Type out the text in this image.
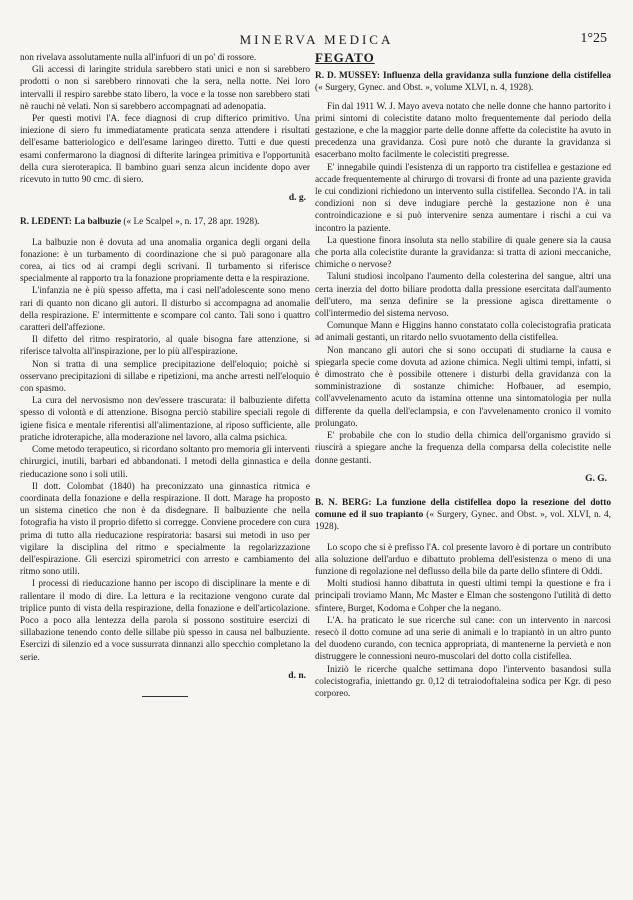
MINERVA MEDICA	1°25

non rivelava assolutamente nulla all'infuori di un po' di rossore.

Gli accessi di laringite stridula sarebbero stati unici e non si sarebbero prodotti o non si sarebbero rinnovati che la sera, nella notte. Nei loro intervalli il respiro sarebbe stato libero, la voce e la tosse non sarebbero stati nè rauchi nè velati. Non si sarebbero accompagnati ad adenopatia.

Per questi motivi l'A. fece diagnosi di crup difterico primitivo. Una iniezione di siero fu immediatamente praticata senza attendere i risultati dell'esame batteriologico e dell'esame laringeo diretto. Tutti e due questi esami confermarono la diagnosi di difterite laringea primitiva e l'opportunità della cura sieroterapica. Il bambino guarì senza alcun incidente dopo aver ricevuto in tutto 90 cmc. di siero.

d. g.

R. LEDENT: La balbuzie (« Le Scalpel », n. 17, 28 apr. 1928).

La balbuzie non è dovuta ad una anomalia organica degli organi della fonazione: è un turbamento di coordinazione che si può paragonare alla corea, ai tics od ai crampi degli scrivani. Il turbamento si riferisce specialmente al rapporto tra la fonazione propriamente detta e la respirazione.

L'infanzia ne è più spesso affetta, ma i casi nell'adolescente sono meno rari di quanto non dicano gli autori. Il disturbo si accompagna ad anomalie della respirazione. E' intermittente e scompare col canto. Tali sono i quattro caratteri dell'affezione.

Il difetto del ritmo respiratorio, al quale bisogna fare attenzione, si riferisce talvolta all'inspirazione, per lo più all'espirazione.

Non si tratta di una semplice precipitazione dell'eloquio; poichè si osservano precipitazioni di sillabe e ripetizioni, ma anche arresti nell'eloquio con spasmo.

La cura del nervosismo non dev'essere trascurata: il balbuziente difetta spesso di volontà e di attenzione. Bisogna perciò stabilire speciali regole di igiene fisica e mentale riferentisi all'alimentazione, al riposo sufficiente, alle pratiche idroterapiche, alla moderazione nel lavoro, alla calma psichica.

Come metodo terapeutico, si ricordano soltanto pro memoria gli interventi chirurgici, inutili, barbari ed abbandonati. I metodi della ginnastica e della rieducazione sono i soli utili.

Il dott. Colombat (1840) ha preconizzato una ginnastica ritmica e coordinata della fonazione e della respirazione. Il dott. Marage ha proposto un sistema cinetico che non è da disdegnare. Il balbuziente che nella fotografia ha visto il proprio difetto si corregge. Conviene procedere con cura prima di tutto alla rieducazione respiratoria: basarsi sui metodi in uso per vigilare la disciplina del ritmo e specialmente la regolarizzazione dell'espirazione. Gli esercizi spirometrici con arresto e cambiamento del ritmo sono utili.

I processi di rieducazione hanno per iscopo di disciplinare la mente e di rallentare il modo di dire. La lettura e la recitazione vengono curate dal triplice punto di vista della respirazione, della fonazione e dell'articolazione. Poco a poco alla lentezza della parola si possono sostituire esercizi di sillabazione tenendo conto delle sillabe più spesso in causa nel balbuziente. Esercizi di silenzio ed a voce sussurrata dinnanzi allo specchio completano la serie.

d. n.
FEGATO

R. D. MUSSEY: Influenza della gravidanza sulla funzione della cistifellea (« Surgery, Gynec. and Obst. », volume XLVI, n. 4, 1928).

Fin dal 1911 W. J. Mayo aveva notato che nelle donne che hanno partorito i primi sintomi di colecistite datano molto frequentemente dal periodo della gestazione, e che la maggior parte delle donne affette da colecistite ha avuto in precedenza una gravidanza. Così pure notò che durante la gravidanza si esacerbano molto facilmente le colecistiti pregresse.

E' innegabile quindi l'esistenza di un rapporto tra cistifellea e gestazione ed accade frequentemente al chirurgo di trovarsi di fronte ad una paziente gravida le cui condizioni richiedono un intervento sulla cistifellea. Secondo l'A. in tali condizioni non si deve indugiare perchè la gestazione non è una controindicazione e si può intervenire senza aumentare i rischi a cui va incontro la paziente.

La questione finora insoluta sta nello stabilire di quale genere sia la causa che porta alla colecistite durante la gravidanza: si tratta di azioni meccaniche, chimiche o nervose?

Taluni studiosi incolpano l'aumento della colesterina del sangue, altri una certa inerzia del dotto biliare prodotta dalla pressione esercitata dall'aumento dell'utero, ma senza definire se la pressione agisca direttamente o coll'intermedio del sistema nervoso.

Comunque Mann e Higgins hanno constatato colla colecistografia praticata ad animali gestanti, un ritardo nello svuotamento della cistifellea.

Non mancano gli autori che si sono occupati di studiarne la causa e spiegarla specie come dovuta ad azione chimica. Negli ultimi tempi, infatti, si è dimostrato che è possibile ottenere i disturbi della gravidanza con la somministrazione di sostanze chimiche: Hofbauer, ad esempio, coll'avvelenamento acuto da istamina ottenne una sintomatologia per nulla differente da quella dell'eclampsia, e con l'avvelenamento cronico il vomito prolungato.

E' probabile che con lo studio della chimica dell'organismo gravido si riuscirà a spiegare anche la frequenza della comparsa della colecistite nelle donne gestanti.

G. G.

B. N. BERG: La funzione della cistifellea dopo la resezione del dotto comune ed il suo trapianto (« Surgery, Gynec. and Obst. », vol. XLVI, n. 4, 1928).

Lo scopo che si è prefisso l'A. col presente lavoro è di portare un contributo alla soluzione dell'arduo e dibattuto problema dell'esistenza o meno di una funzione di regolazione nel deflusso della bile da parte dello sfintere di Oddi.

Molti studiosi hanno dibattuta in questi ultimi tempi la questione e fra i principali troviamo Mann, Mc Master e Elman che sostengono l'utilità di detto sfintere, Burget, Kodoma e Cohper che la negano.

L'A. ha praticato le sue ricerche sul cane: con un intervento in narcosi resecò il dotto comune ad una serie di animali e lo trapiantò in un altro punto del duodeno curando, con tecnica appropriata, di mantenerne la pervietà e non distruggere le connessioni neuro-muscolari del dotto colla cistifellea.

Iniziò le ricerche qualche settimana dopo l'intervento basandosi sulla colecistografia, iniettando gr. 0,12 di tetraiodoftaleina sodica per Kgr. di peso corporeo.
